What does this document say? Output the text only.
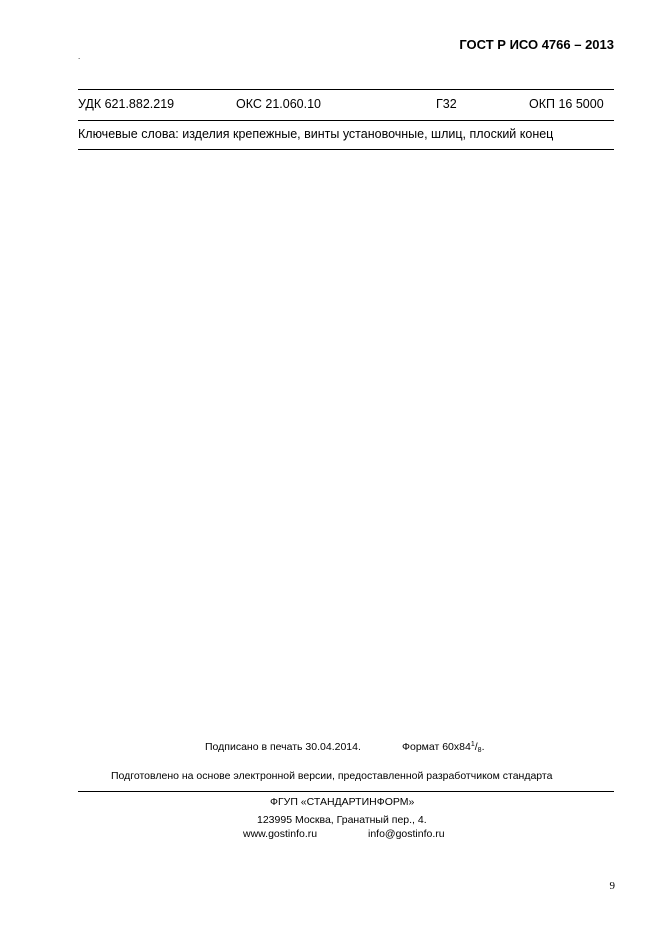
ГОСТ Р ИСО 4766 – 2013
.
УДК 621.882.219	ОКС 21.060.10	Г32	ОКП 16 5000
Ключевые слова: изделия крепежные, винты установочные, шлиц, плоский конец
Подписано в печать 30.04.2014.	Формат $60x84^1/8$.
Подготовлено на основе электронной версии, предоставленной разработчиком стандарта
ФГУП «СТАНДАРТИНФОРМ»
123995 Москва, Гранатный пер., 4.
www.gostinfo.ru	info@gostinfo.ru
9
